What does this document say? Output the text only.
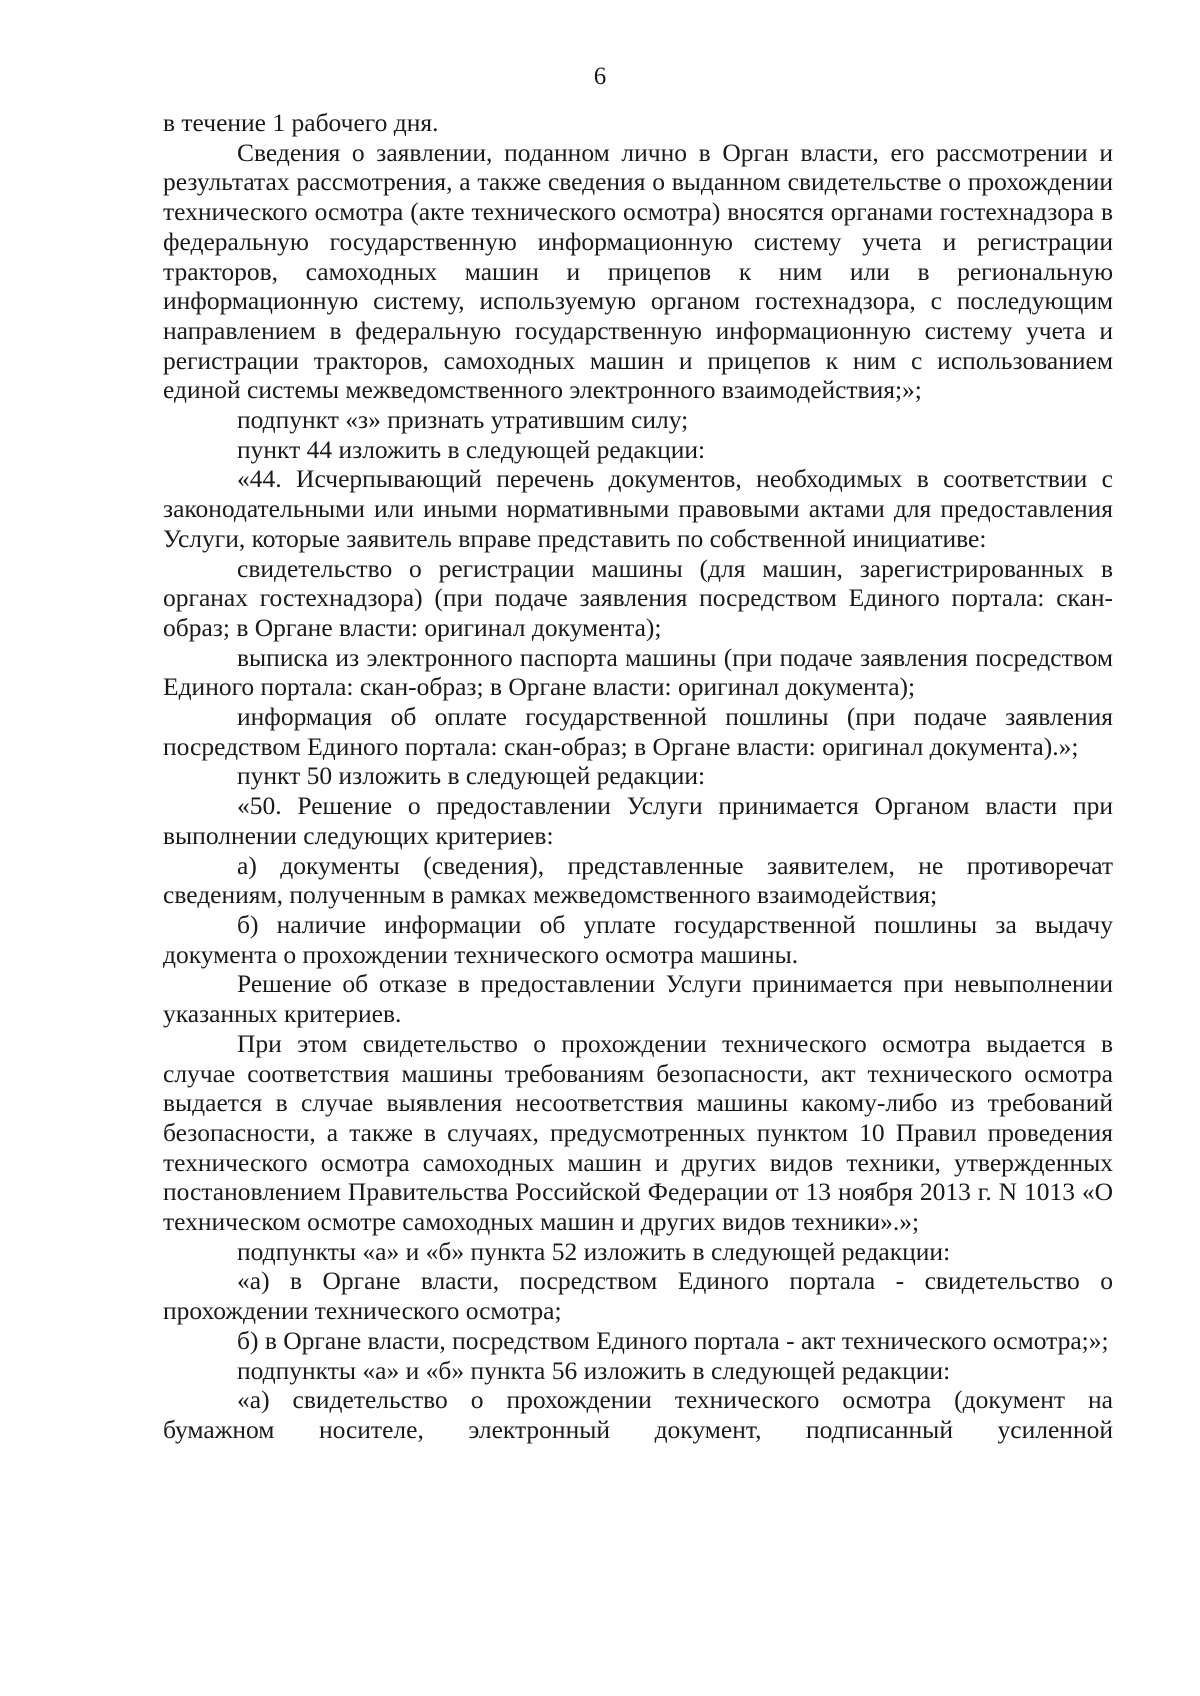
6

в течение 1 рабочего дня.

Сведения о заявлении, поданном лично в Орган власти, его рассмотрении и результатах рассмотрения, а также сведения о выданном свидетельстве о прохождении технического осмотра (акте технического осмотра) вносятся органами гостехнадзора в федеральную государственную информационную систему учета и регистрации тракторов, самоходных машин и прицепов к ним или в региональную информационную систему, используемую органом гостехнадзора, с последующим направлением в федеральную государственную информационную систему учета и регистрации тракторов, самоходных машин и прицепов к ним с использованием единой системы межведомственного электронного взаимодействия;»;

подпункт «з» признать утратившим силу;

пункт 44 изложить в следующей редакции:

«44. Исчерпывающий перечень документов, необходимых в соответствии с законодательными или иными нормативными правовыми актами для предоставления Услуги, которые заявитель вправе представить по собственной инициативе:

свидетельство о регистрации машины (для машин, зарегистрированных в органах гостехнадзора) (при подаче заявления посредством Единого портала: скан-образ; в Органе власти: оригинал документа);

выписка из электронного паспорта машины (при подаче заявления посредством Единого портала: скан-образ; в Органе власти: оригинал документа);

информация об оплате государственной пошлины (при подаче заявления посредством Единого портала: скан-образ; в Органе власти: оригинал документа).»;

пункт 50 изложить в следующей редакции:

«50. Решение о предоставлении Услуги принимается Органом власти при выполнении следующих критериев:

а) документы (сведения), представленные заявителем, не противоречат сведениям, полученным в рамках межведомственного взаимодействия;

б) наличие информации об уплате государственной пошлины за выдачу документа о прохождении технического осмотра машины.

Решение об отказе в предоставлении Услуги принимается при невыполнении указанных критериев.

При этом свидетельство о прохождении технического осмотра выдается в случае соответствия машины требованиям безопасности, акт технического осмотра выдается в случае выявления несоответствия машины какому-либо из требований безопасности, а также в случаях, предусмотренных пунктом 10 Правил проведения технического осмотра самоходных машин и других видов техники, утвержденных постановлением Правительства Российской Федерации от 13 ноября 2013 г. N 1013 «О техническом осмотре самоходных машин и других видов техники».»;

подпункты «а» и «б» пункта 52 изложить в следующей редакции:

«а) в Органе власти, посредством Единого портала - свидетельство о прохождении технического осмотра;

б) в Органе власти, посредством Единого портала - акт технического осмотра;»;

подпункты «а» и «б» пункта 56 изложить в следующей редакции:

«а) свидетельство о прохождении технического осмотра (документ на бумажном носителе, электронный документ, подписанный усиленной
